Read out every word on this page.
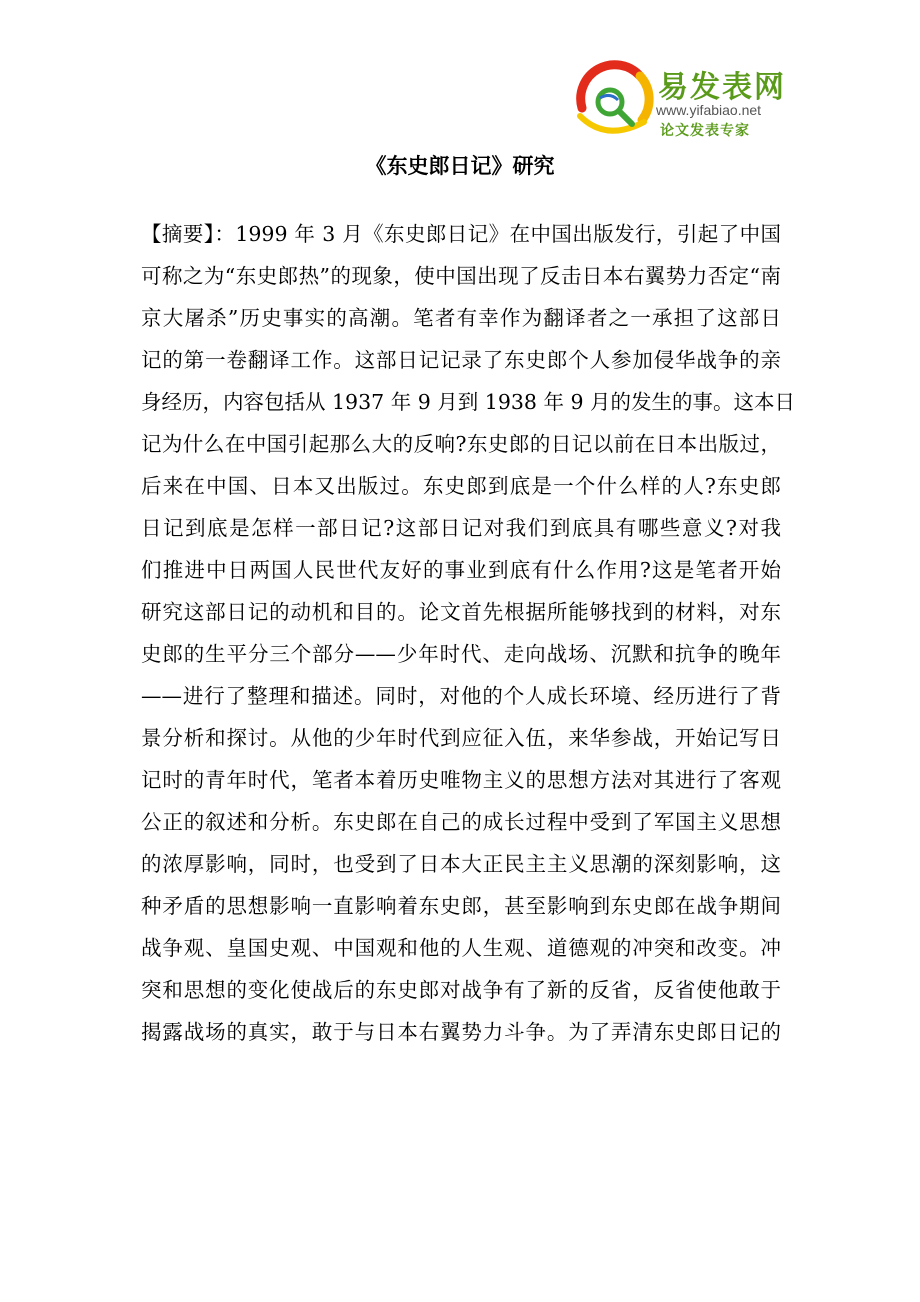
易发表网
www.yifabiao.net
论文发表专家
《东史郎日记》研究
【摘要】：1999 年 3 月《东史郎日记》在中国出版发行，引起了中国
可称之为“东史郎热”的现象，使中国出现了反击日本右翼势力否定“南
京大屠杀”历史事实的高潮。笔者有幸作为翻译者之一承担了这部日
记的第一卷翻译工作。这部日记记录了东史郎个人参加侵华战争的亲
身经历，内容包括从 1937 年 9 月到 1938 年 9 月的发生的事。这本日
记为什么在中国引起那么大的反响?东史郎的日记以前在日本出版过，
后来在中国、日本又出版过。东史郎到底是一个什么样的人?东史郎
日记到底是怎样一部日记?这部日记对我们到底具有哪些意义?对我
们推进中日两国人民世代友好的事业到底有什么作用?这是笔者开始
研究这部日记的动机和目的。论文首先根据所能够找到的材料，对东
史郎的生平分三个部分——少年时代、走向战场、沉默和抗争的晚年
——进行了整理和描述。同时，对他的个人成长环境、经历进行了背
景分析和探讨。从他的少年时代到应征入伍，来华参战，开始记写日
记时的青年时代，笔者本着历史唯物主义的思想方法对其进行了客观
公正的叙述和分析。东史郎在自己的成长过程中受到了军国主义思想
的浓厚影响，同时，也受到了日本大正民主主义思潮的深刻影响，这
种矛盾的思想影响一直影响着东史郎，甚至影响到东史郎在战争期间
战争观、皇国史观、中国观和他的人生观、道德观的冲突和改变。冲
突和思想的变化使战后的东史郎对战争有了新的反省，反省使他敢于
揭露战场的真实，敢于与日本右翼势力斗争。为了弄清东史郎日记的
